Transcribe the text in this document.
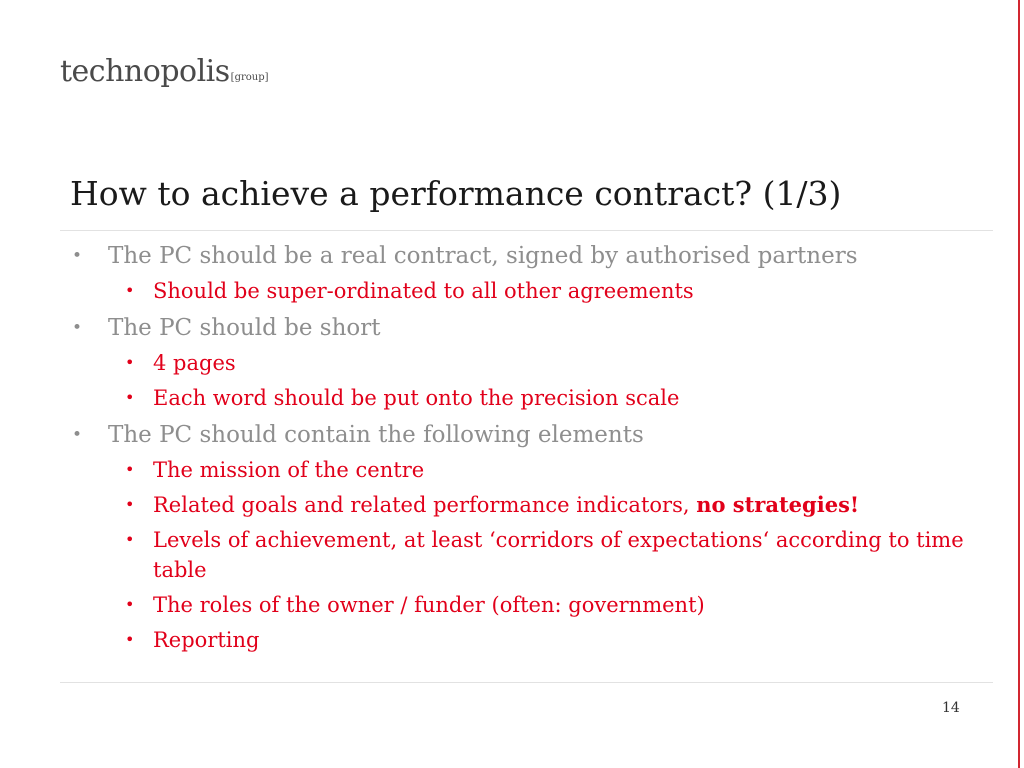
technopolis[group]
How to achieve a performance contract? (1/3)
• The PC should be a real contract, signed by authorised partners
• Should be super-ordinated to all other agreements
• The PC should be short
• 4 pages
• Each word should be put onto the precision scale
• The PC should contain the following elements
• The mission of the centre
• Related goals and related performance indicators, no strategies!
• Levels of achievement, at least ‘corridors of expectations‘ according to time table
• The roles of the owner / funder (often: government)
• Reporting
14
